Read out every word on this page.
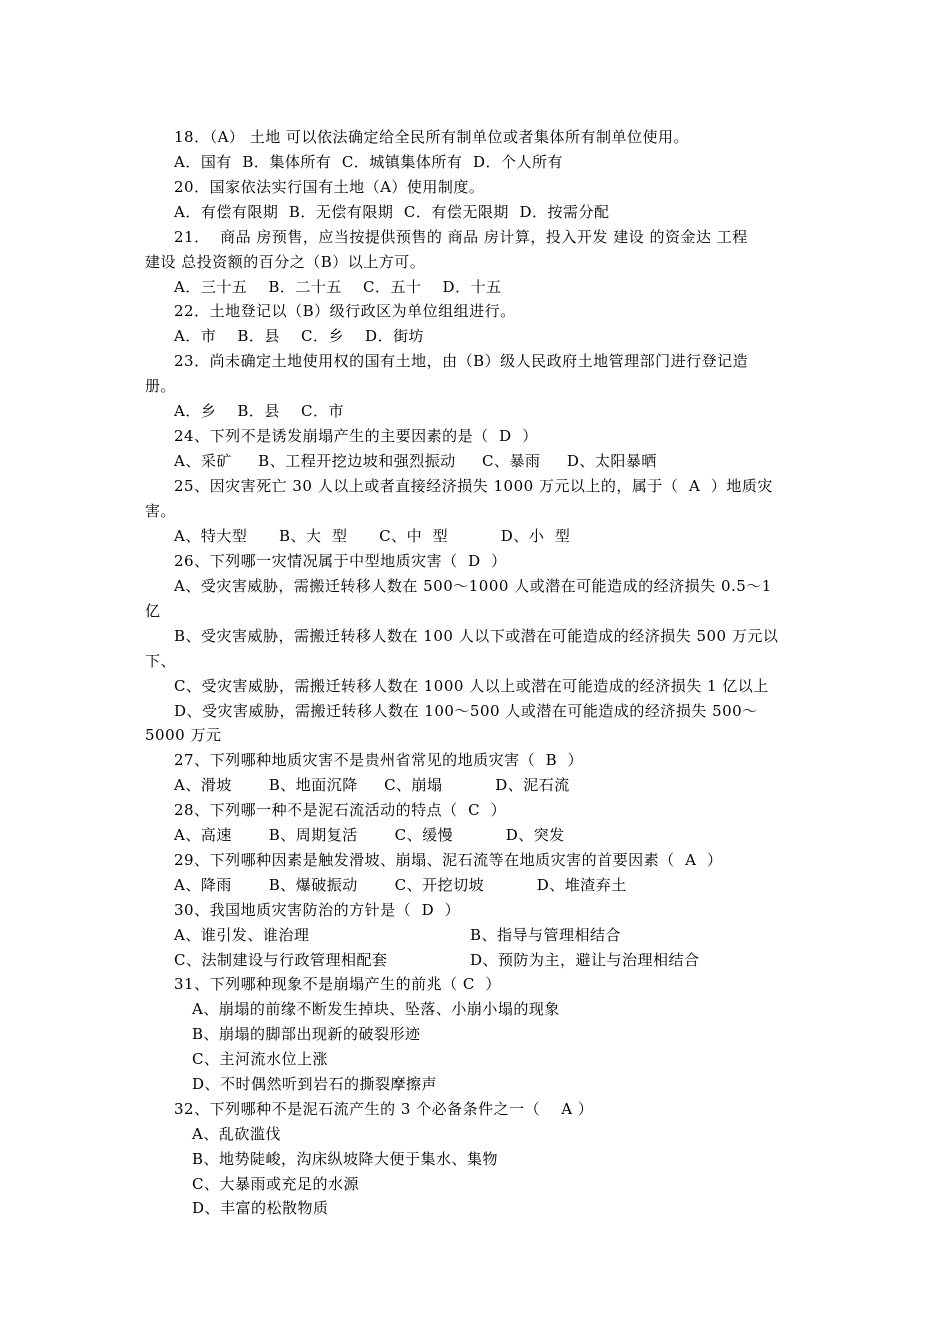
18．（A） 土地 可以依法确定给全民所有制单位或者集体所有制单位使用。
A．国有  B．集体所有  C．城镇集体所有  D．个人所有
20．国家依法实行国有土地（A）使用制度。
A．有偿有限期  B．无偿有限期  C．有偿无限期  D．按需分配
21．  商品 房预售，应当按提供预售的 商品 房计算，投入开发 建设 的资金达 工程
建设 总投资额的百分之（B）以上方可。
A．三十五    B．二十五    C．五十    D．十五
22．土地登记以（B）级行政区为单位组组进行。
A．市    B．县    C．乡    D．街坊
23．尚未确定土地使用权的国有土地，由（B）级人民政府土地管理部门进行登记造
册。
A．乡    B．县    C．市
24、下列不是诱发崩塌产生的主要因素的是（  D  ）
A、采矿     B、工程开挖边坡和强烈振动     C、暴雨     D、太阳暴晒
25、因灾害死亡 30 人以上或者直接经济损失 1000 万元以上的，属于（  A  ）地质灾
害。
A、特大型      B、大  型      C、中  型          D、小  型
26、下列哪一灾情况属于中型地质灾害（  D  ）
A、受灾害威胁，需搬迁转移人数在 500～1000 人或潜在可能造成的经济损失 0.5～1
亿
B、受灾害威胁，需搬迁转移人数在 100 人以下或潜在可能造成的经济损失 500 万元以
下、
C、受灾害威胁，需搬迁转移人数在 1000 人以上或潜在可能造成的经济损失 1 亿以上
D、受灾害威胁，需搬迁转移人数在 100～500 人或潜在可能造成的经济损失 500～
5000 万元
27、下列哪种地质灾害不是贵州省常见的地质灾害（  B  ）
A、滑坡       B、地面沉降     C、崩塌          D、泥石流
28、下列哪一种不是泥石流活动的特点（  C  ）
A、高速       B、周期复活       C、缓慢          D、突发
29、下列哪种因素是触发滑坡、崩塌、泥石流等在地质灾害的首要因素（  A  ）
A、降雨       B、爆破振动       C、开挖切坡          D、堆渣弃土
30、我国地质灾害防治的方针是（  D  ）
A、谁引发、谁治理	B、指导与管理相结合
C、法制建设与行政管理相配套	D、预防为主，避让与治理相结合
31、下列哪种现象不是崩塌产生的前兆（ C  ）
A、崩塌的前缘不断发生掉块、坠落、小崩小塌的现象
B、崩塌的脚部出现新的破裂形迹
C、主河流水位上涨
D、不时偶然听到岩石的撕裂摩擦声
32、下列哪种不是泥石流产生的 3 个必备条件之一（    A ）
A、乱砍滥伐
B、地势陡峻，沟床纵坡降大便于集水、集物
C、大暴雨或充足的水源
D、丰富的松散物质
